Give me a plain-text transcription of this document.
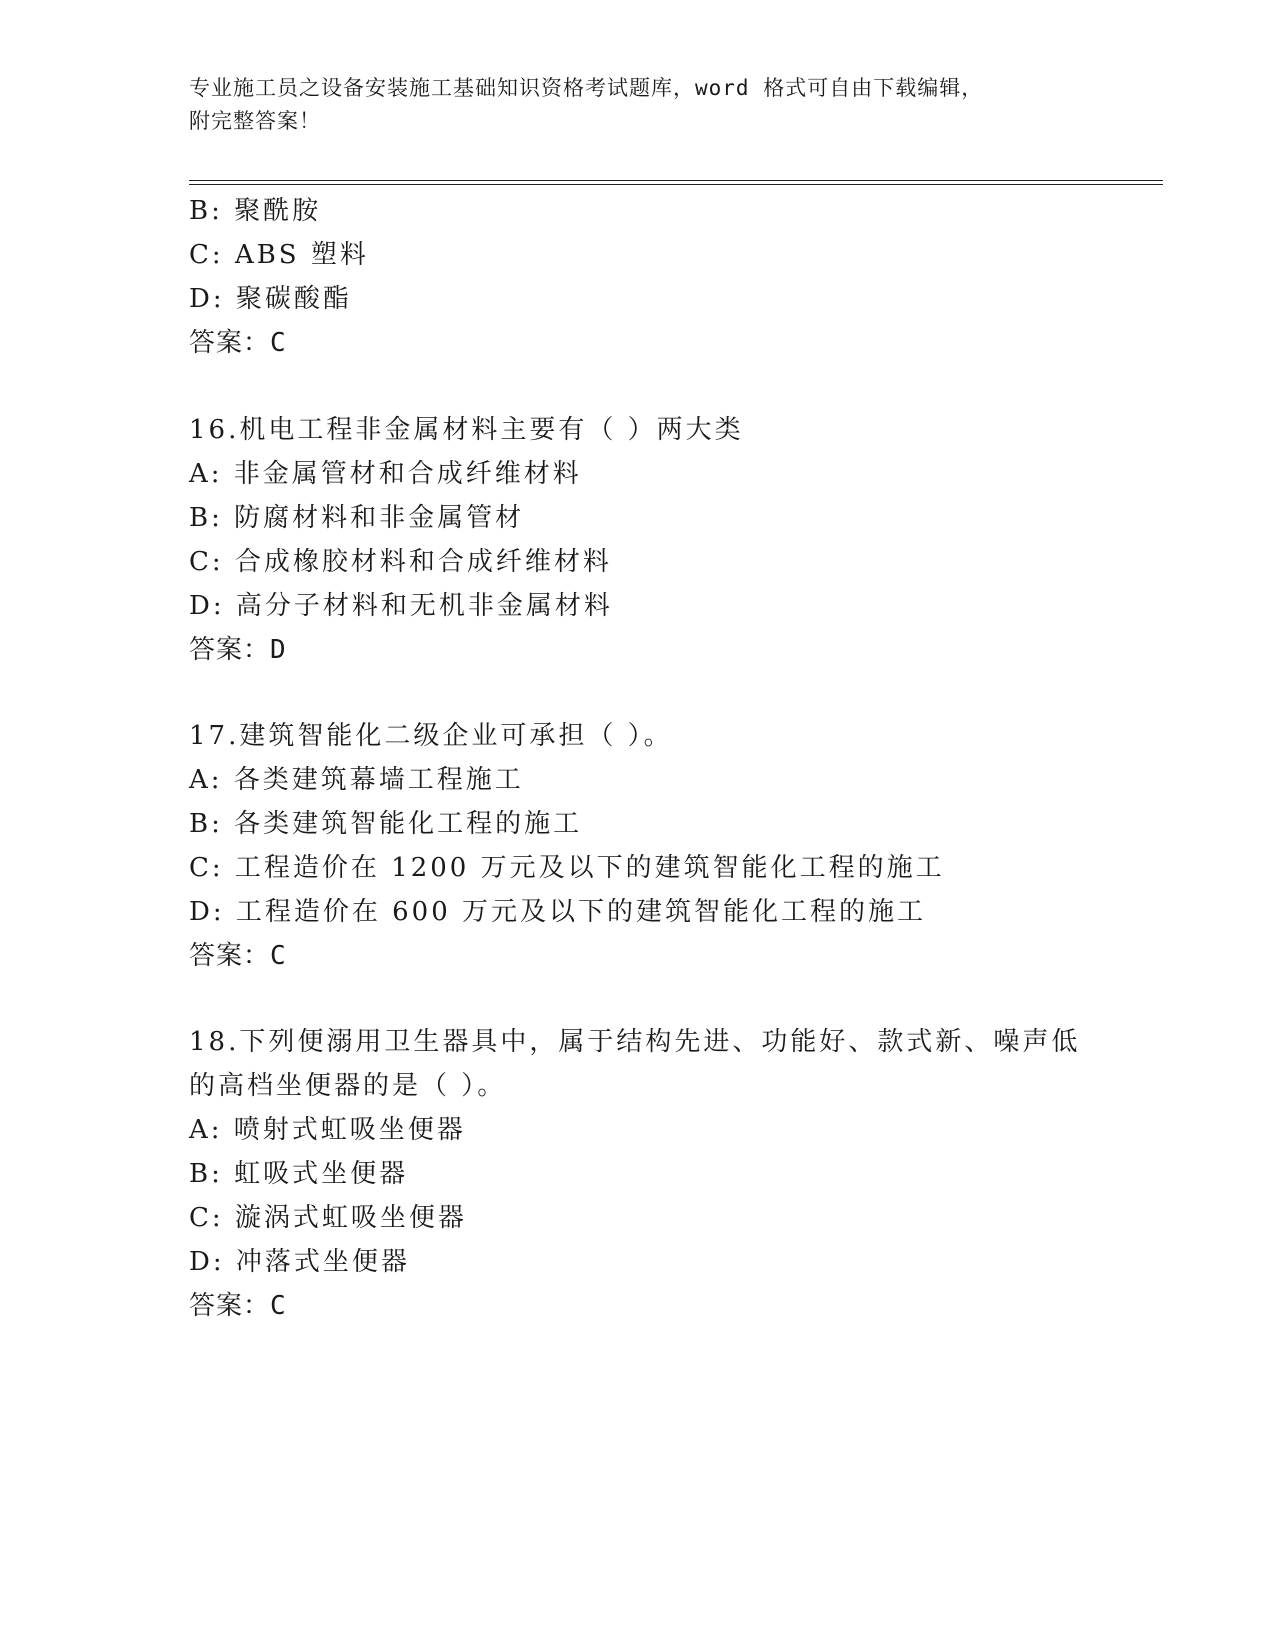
专业施工员之设备安装施工基础知识资格考试题库，word 格式可自由下载编辑，
附完整答案！
B: 聚酰胺
C: ABS 塑料
D: 聚碳酸酯
答案：C
16.机电工程非金属材料主要有（ ）两大类
A: 非金属管材和合成纤维材料
B: 防腐材料和非金属管材
C: 合成橡胶材料和合成纤维材料
D: 高分子材料和无机非金属材料
答案：D
17.建筑智能化二级企业可承担（ ）。
A: 各类建筑幕墙工程施工
B: 各类建筑智能化工程的施工
C: 工程造价在 1200 万元及以下的建筑智能化工程的施工
D: 工程造价在 600 万元及以下的建筑智能化工程的施工
答案：C
18.下列便溺用卫生器具中，属于结构先进、功能好、款式新、噪声低
的高档坐便器的是（ ）。
A: 喷射式虹吸坐便器
B: 虹吸式坐便器
C: 漩涡式虹吸坐便器
D: 冲落式坐便器
答案：C
